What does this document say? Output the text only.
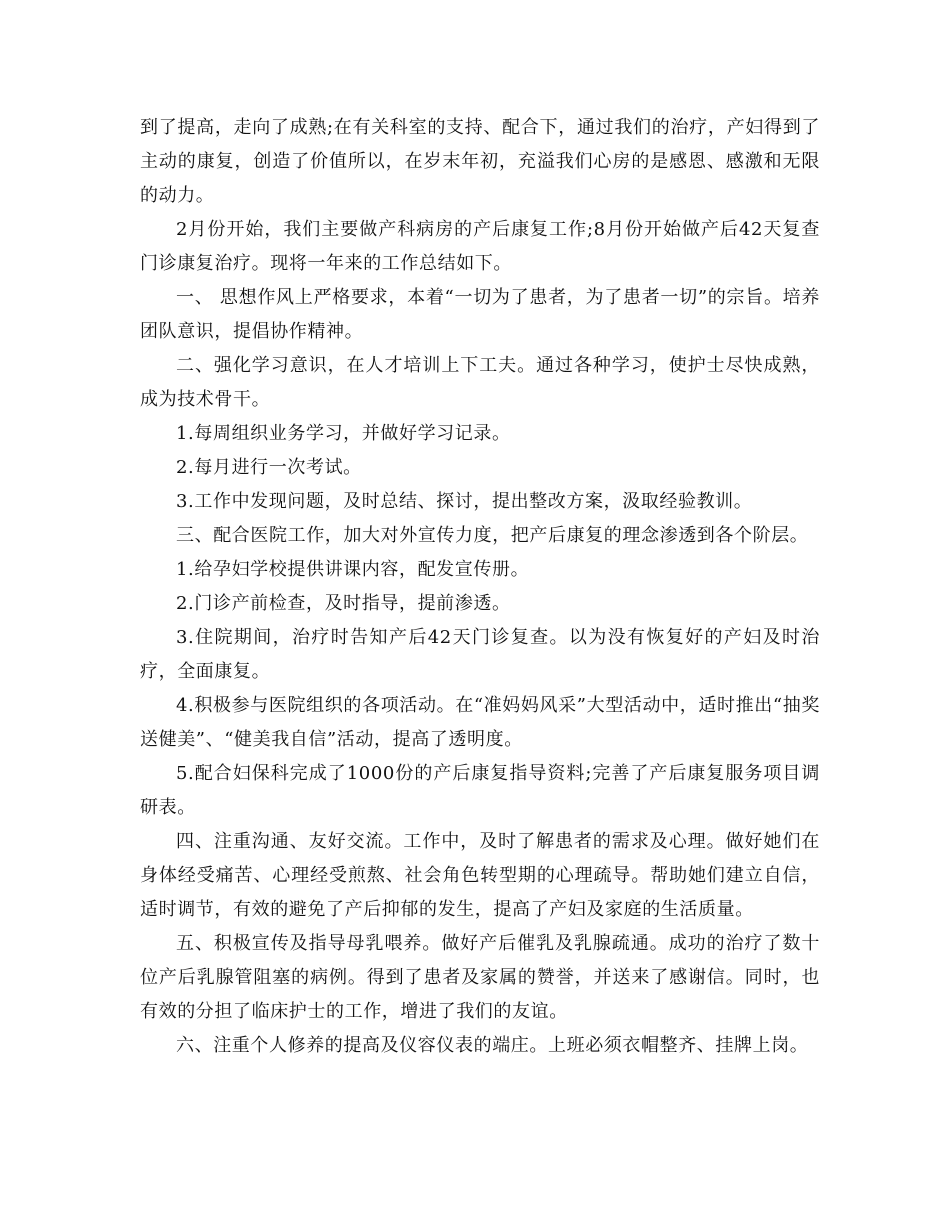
到了提高，走向了成熟;在有关科室的支持、配合下，通过我们的治疗，产妇得到了主动的康复，创造了价值所以，在岁末年初，充溢我们心房的是感恩、感激和无限的动力。

2月份开始，我们主要做产科病房的产后康复工作;8月份开始做产后42天复查门诊康复治疗。现将一年来的工作总结如下。

一、 思想作风上严格要求，本着“一切为了患者，为了患者一切”的宗旨。培养团队意识，提倡协作精神。

二、强化学习意识，在人才培训上下工夫。通过各种学习，使护士尽快成熟，成为技术骨干。

1.每周组织业务学习，并做好学习记录。

2.每月进行一次考试。

3.工作中发现问题，及时总结、探讨，提出整改方案，汲取经验教训。

三、配合医院工作，加大对外宣传力度，把产后康复的理念渗透到各个阶层。

1.给孕妇学校提供讲课内容，配发宣传册。

2.门诊产前检查，及时指导，提前渗透。

3.住院期间，治疗时告知产后42天门诊复查。以为没有恢复好的产妇及时治疗，全面康复。

4.积极参与医院组织的各项活动。在“准妈妈风采”大型活动中，适时推出“抽奖送健美”、“健美我自信”活动，提高了透明度。

5.配合妇保科完成了1000份的产后康复指导资料;完善了产后康复服务项目调研表。

四、注重沟通、友好交流。工作中，及时了解患者的需求及心理。做好她们在身体经受痛苦、心理经受煎熬、社会角色转型期的心理疏导。帮助她们建立自信，适时调节，有效的避免了产后抑郁的发生，提高了产妇及家庭的生活质量。

五、积极宣传及指导母乳喂养。做好产后催乳及乳腺疏通。成功的治疗了数十位产后乳腺管阻塞的病例。得到了患者及家属的赞誉，并送来了感谢信。同时，也有效的分担了临床护士的工作，增进了我们的友谊。

六、注重个人修养的提高及仪容仪表的端庄。上班必须衣帽整齐、挂牌上岗。
